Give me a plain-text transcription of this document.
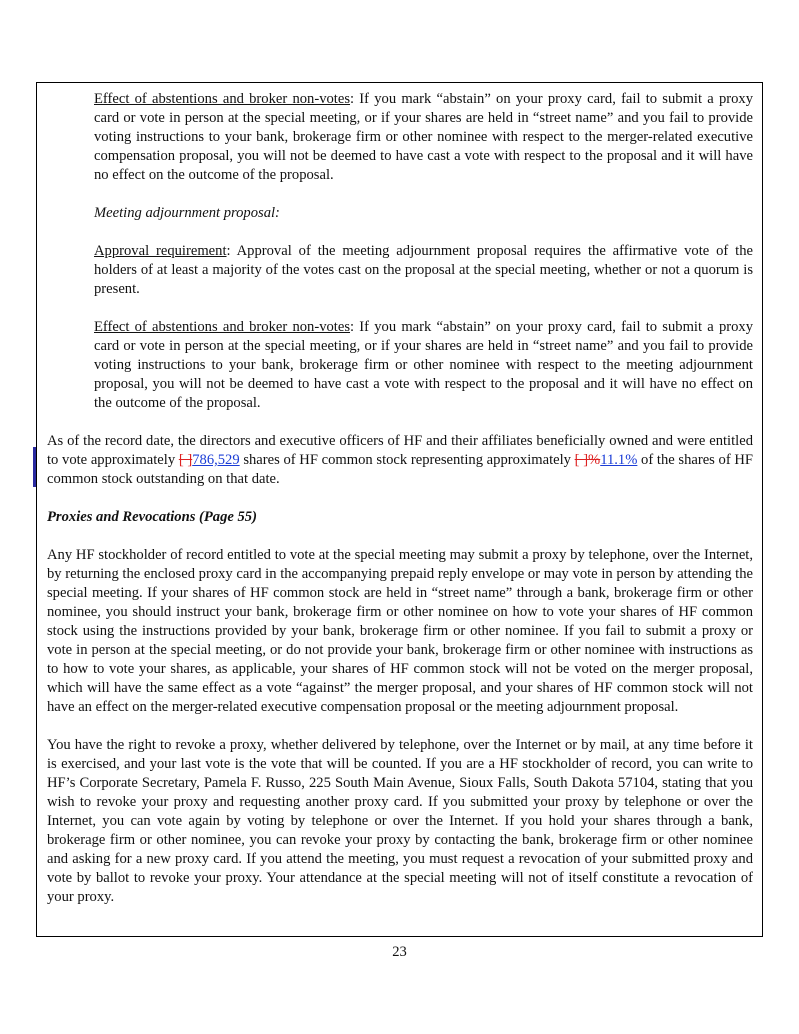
Effect of abstentions and broker non-votes: If you mark “abstain” on your proxy card, fail to submit a proxy card or vote in person at the special meeting, or if your shares are held in “street name” and you fail to provide voting instructions to your bank, brokerage firm or other nominee with respect to the merger-related executive compensation proposal, you will not be deemed to have cast a vote with respect to the proposal and it will have no effect on the outcome of the proposal.

Meeting adjournment proposal:

Approval requirement: Approval of the meeting adjournment proposal requires the affirmative vote of the holders of at least a majority of the votes cast on the proposal at the special meeting, whether or not a quorum is present.

Effect of abstentions and broker non-votes: If you mark “abstain” on your proxy card, fail to submit a proxy card or vote in person at the special meeting, or if your shares are held in “street name” and you fail to provide voting instructions to your bank, brokerage firm or other nominee with respect to the meeting adjournment proposal, you will not be deemed to have cast a vote with respect to the proposal and it will have no effect on the outcome of the proposal.

As of the record date, the directors and executive officers of HF and their affiliates beneficially owned and were entitled to vote approximately [ ]786,529 shares of HF common stock representing approximately [ ]%11.1% of the shares of HF common stock outstanding on that date.

Proxies and Revocations (Page 55)

Any HF stockholder of record entitled to vote at the special meeting may submit a proxy by telephone, over the Internet, by returning the enclosed proxy card in the accompanying prepaid reply envelope or may vote in person by attending the special meeting. If your shares of HF common stock are held in “street name” through a bank, brokerage firm or other nominee, you should instruct your bank, brokerage firm or other nominee on how to vote your shares of HF common stock using the instructions provided by your bank, brokerage firm or other nominee. If you fail to submit a proxy or vote in person at the special meeting, or do not provide your bank, brokerage firm or other nominee with instructions as to how to vote your shares, as applicable, your shares of HF common stock will not be voted on the merger proposal, which will have the same effect as a vote “against” the merger proposal, and your shares of HF common stock will not have an effect on the merger-related executive compensation proposal or the meeting adjournment proposal.

You have the right to revoke a proxy, whether delivered by telephone, over the Internet or by mail, at any time before it is exercised, and your last vote is the vote that will be counted. If you are a HF stockholder of record, you can write to HF’s Corporate Secretary, Pamela F. Russo, 225 South Main Avenue, Sioux Falls, South Dakota 57104, stating that you wish to revoke your proxy and requesting another proxy card. If you submitted your proxy by telephone or over the Internet, you can vote again by voting by telephone or over the Internet. If you hold your shares through a bank, brokerage firm or other nominee, you can revoke your proxy by contacting the bank, brokerage firm or other nominee and asking for a new proxy card. If you attend the meeting, you must request a revocation of your submitted proxy and vote by ballot to revoke your proxy. Your attendance at the special meeting will not of itself constitute a revocation of your proxy.

23
